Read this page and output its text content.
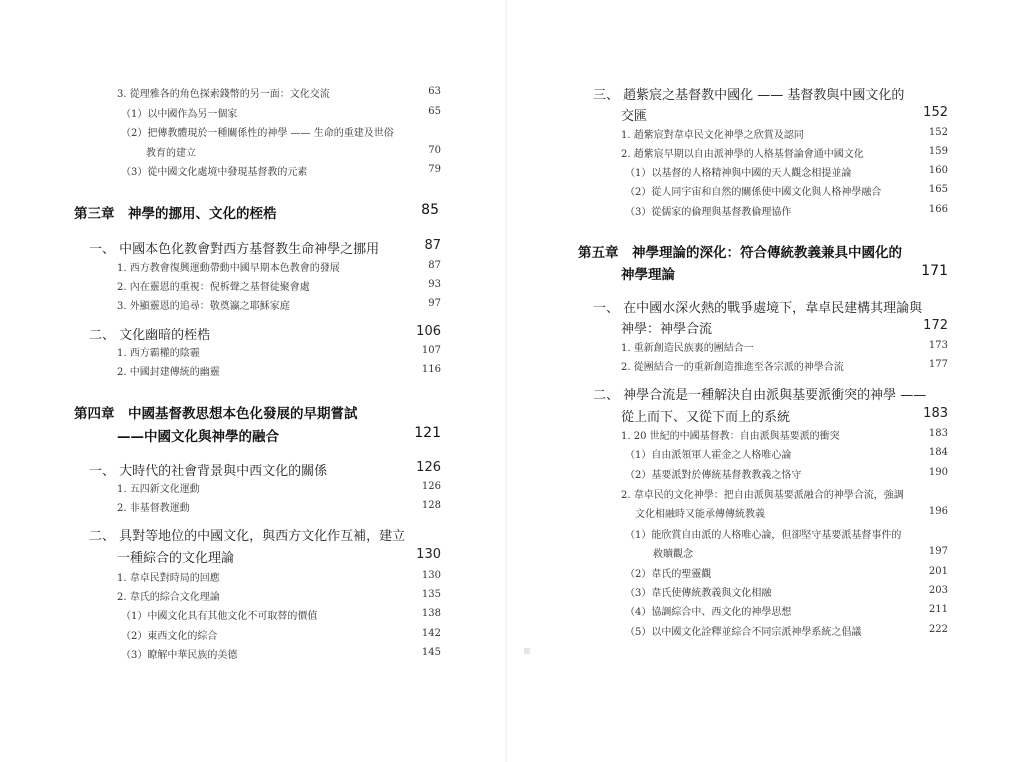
3. 從理雅各的角色探索錢幣的另一面：文化交流	63
（1）以中國作為另一個家	65
（2）把傳教體現於一種關係性的神學 —— 生命的重建及世俗
教育的建立	70
（3）從中國文化處境中發現基督教的元素	79
第三章　神學的挪用、文化的桎梏	85
一、 中國本色化教會對西方基督教生命神學之挪用	87
1. 西方教會復興運動帶動中國早期本色教會的發展	87
2. 內在靈恩的重視：倪柝聲之基督徒聚會處	93
3. 外顯靈恩的追尋：敬奠瀛之耶穌家庭	97
二、 文化幽暗的桎梏	106
1. 西方霸權的陰霾	107
2. 中國封建傳統的幽靈	116
第四章　中國基督教思想本色化發展的早期嘗試
——中國文化與神學的融合	121
一、 大時代的社會背景與中西文化的關係	126
1. 五四新文化運動	126
2. 非基督教運動	128
二、 具對等地位的中國文化，與西方文化作互補，建立
一種綜合的文化理論	130
1. 韋卓民對時局的回應	130
2. 韋氏的綜合文化理論	135
（1）中國文化具有其他文化不可取替的價值	138
（2）東西文化的綜合	142
（3）瞭解中華民族的美德	145
三、 趙紫宸之基督教中國化 —— 基督教與中國文化的
交匯	152
1. 趙紫宸對韋卓民文化神學之欣賞及認同	152
2. 趙紫宸早期以自由派神學的人格基督論會通中國文化	159
（1）以基督的人格精神與中國的天人觀念相提並論	160
（2）從人同宇宙和自然的關係使中國文化與人格神學融合	165
（3）從儒家的倫理與基督教倫理協作	166
第五章　神學理論的深化：符合傳統教義兼具中國化的
神學理論	171
一、 在中國水深火熱的戰爭處境下，韋卓民建構其理論與
神學：神學合流	172
1. 重新創造民族裏的團結合一	173
2. 從團結合一的重新創造推進至各宗派的神學合流	177
二、 神學合流是一種解決自由派與基要派衝突的神學 ——
從上而下、又從下而上的系統	183
1. 20 世紀的中國基督教：自由派與基要派的衝突	183
（1）自由派領軍人霍金之人格唯心論	184
（2）基要派對於傳統基督教教義之恪守	190
2. 韋卓民的文化神學：把自由派與基要派融合的神學合流，強調
文化相融時又能承傳傳統教義	196
（1）能欣賞自由派的人格唯心論，但卻堅守基要派基督事件的
救贖觀念	197
（2）韋氏的聖靈觀	201
（3）韋氏使傳統教義與文化相融	203
（4）協調綜合中、西文化的神學思想	211
（5）以中國文化詮釋並綜合不同宗派神學系統之倡議	222
